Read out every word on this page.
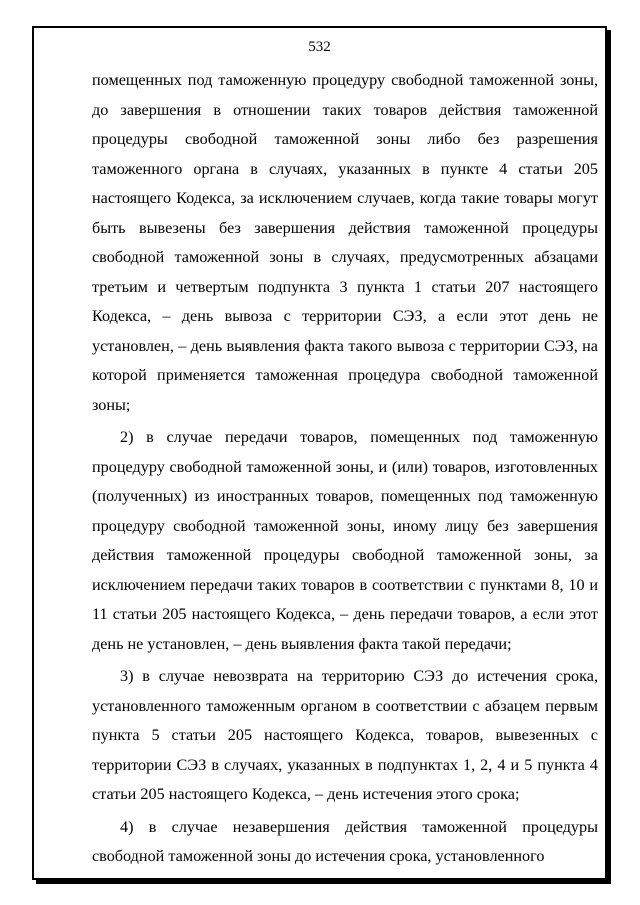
532

помещенных под таможенную процедуру свободной таможенной зоны, до завершения в отношении таких товаров действия таможенной процедуры свободной таможенной зоны либо без разрешения таможенного органа в случаях, указанных в пункте 4 статьи 205 настоящего Кодекса, за исключением случаев, когда такие товары могут быть вывезены без завершения действия таможенной процедуры свободной таможенной зоны в случаях, предусмотренных абзацами третьим и четвертым подпункта 3 пункта 1 статьи 207 настоящего Кодекса, – день вывоза с территории СЭЗ, а если этот день не установлен, – день выявления факта такого вывоза с территории СЭЗ, на которой применяется таможенная процедура свободной таможенной зоны;

2) в случае передачи товаров, помещенных под таможенную процедуру свободной таможенной зоны, и (или) товаров, изготовленных (полученных) из иностранных товаров, помещенных под таможенную процедуру свободной таможенной зоны, иному лицу без завершения действия таможенной процедуры свободной таможенной зоны, за исключением передачи таких товаров в соответствии с пунктами 8, 10 и 11 статьи 205 настоящего Кодекса, – день передачи товаров, а если этот день не установлен, – день выявления факта такой передачи;

3) в случае невозврата на территорию СЭЗ до истечения срока, установленного таможенным органом в соответствии с абзацем первым пункта 5 статьи 205 настоящего Кодекса, товаров, вывезенных с территории СЭЗ в случаях, указанных в подпунктах 1, 2, 4 и 5 пункта 4 статьи 205 настоящего Кодекса, – день истечения этого срока;

4) в случае незавершения действия таможенной процедуры свободной таможенной зоны до истечения срока, установленного
